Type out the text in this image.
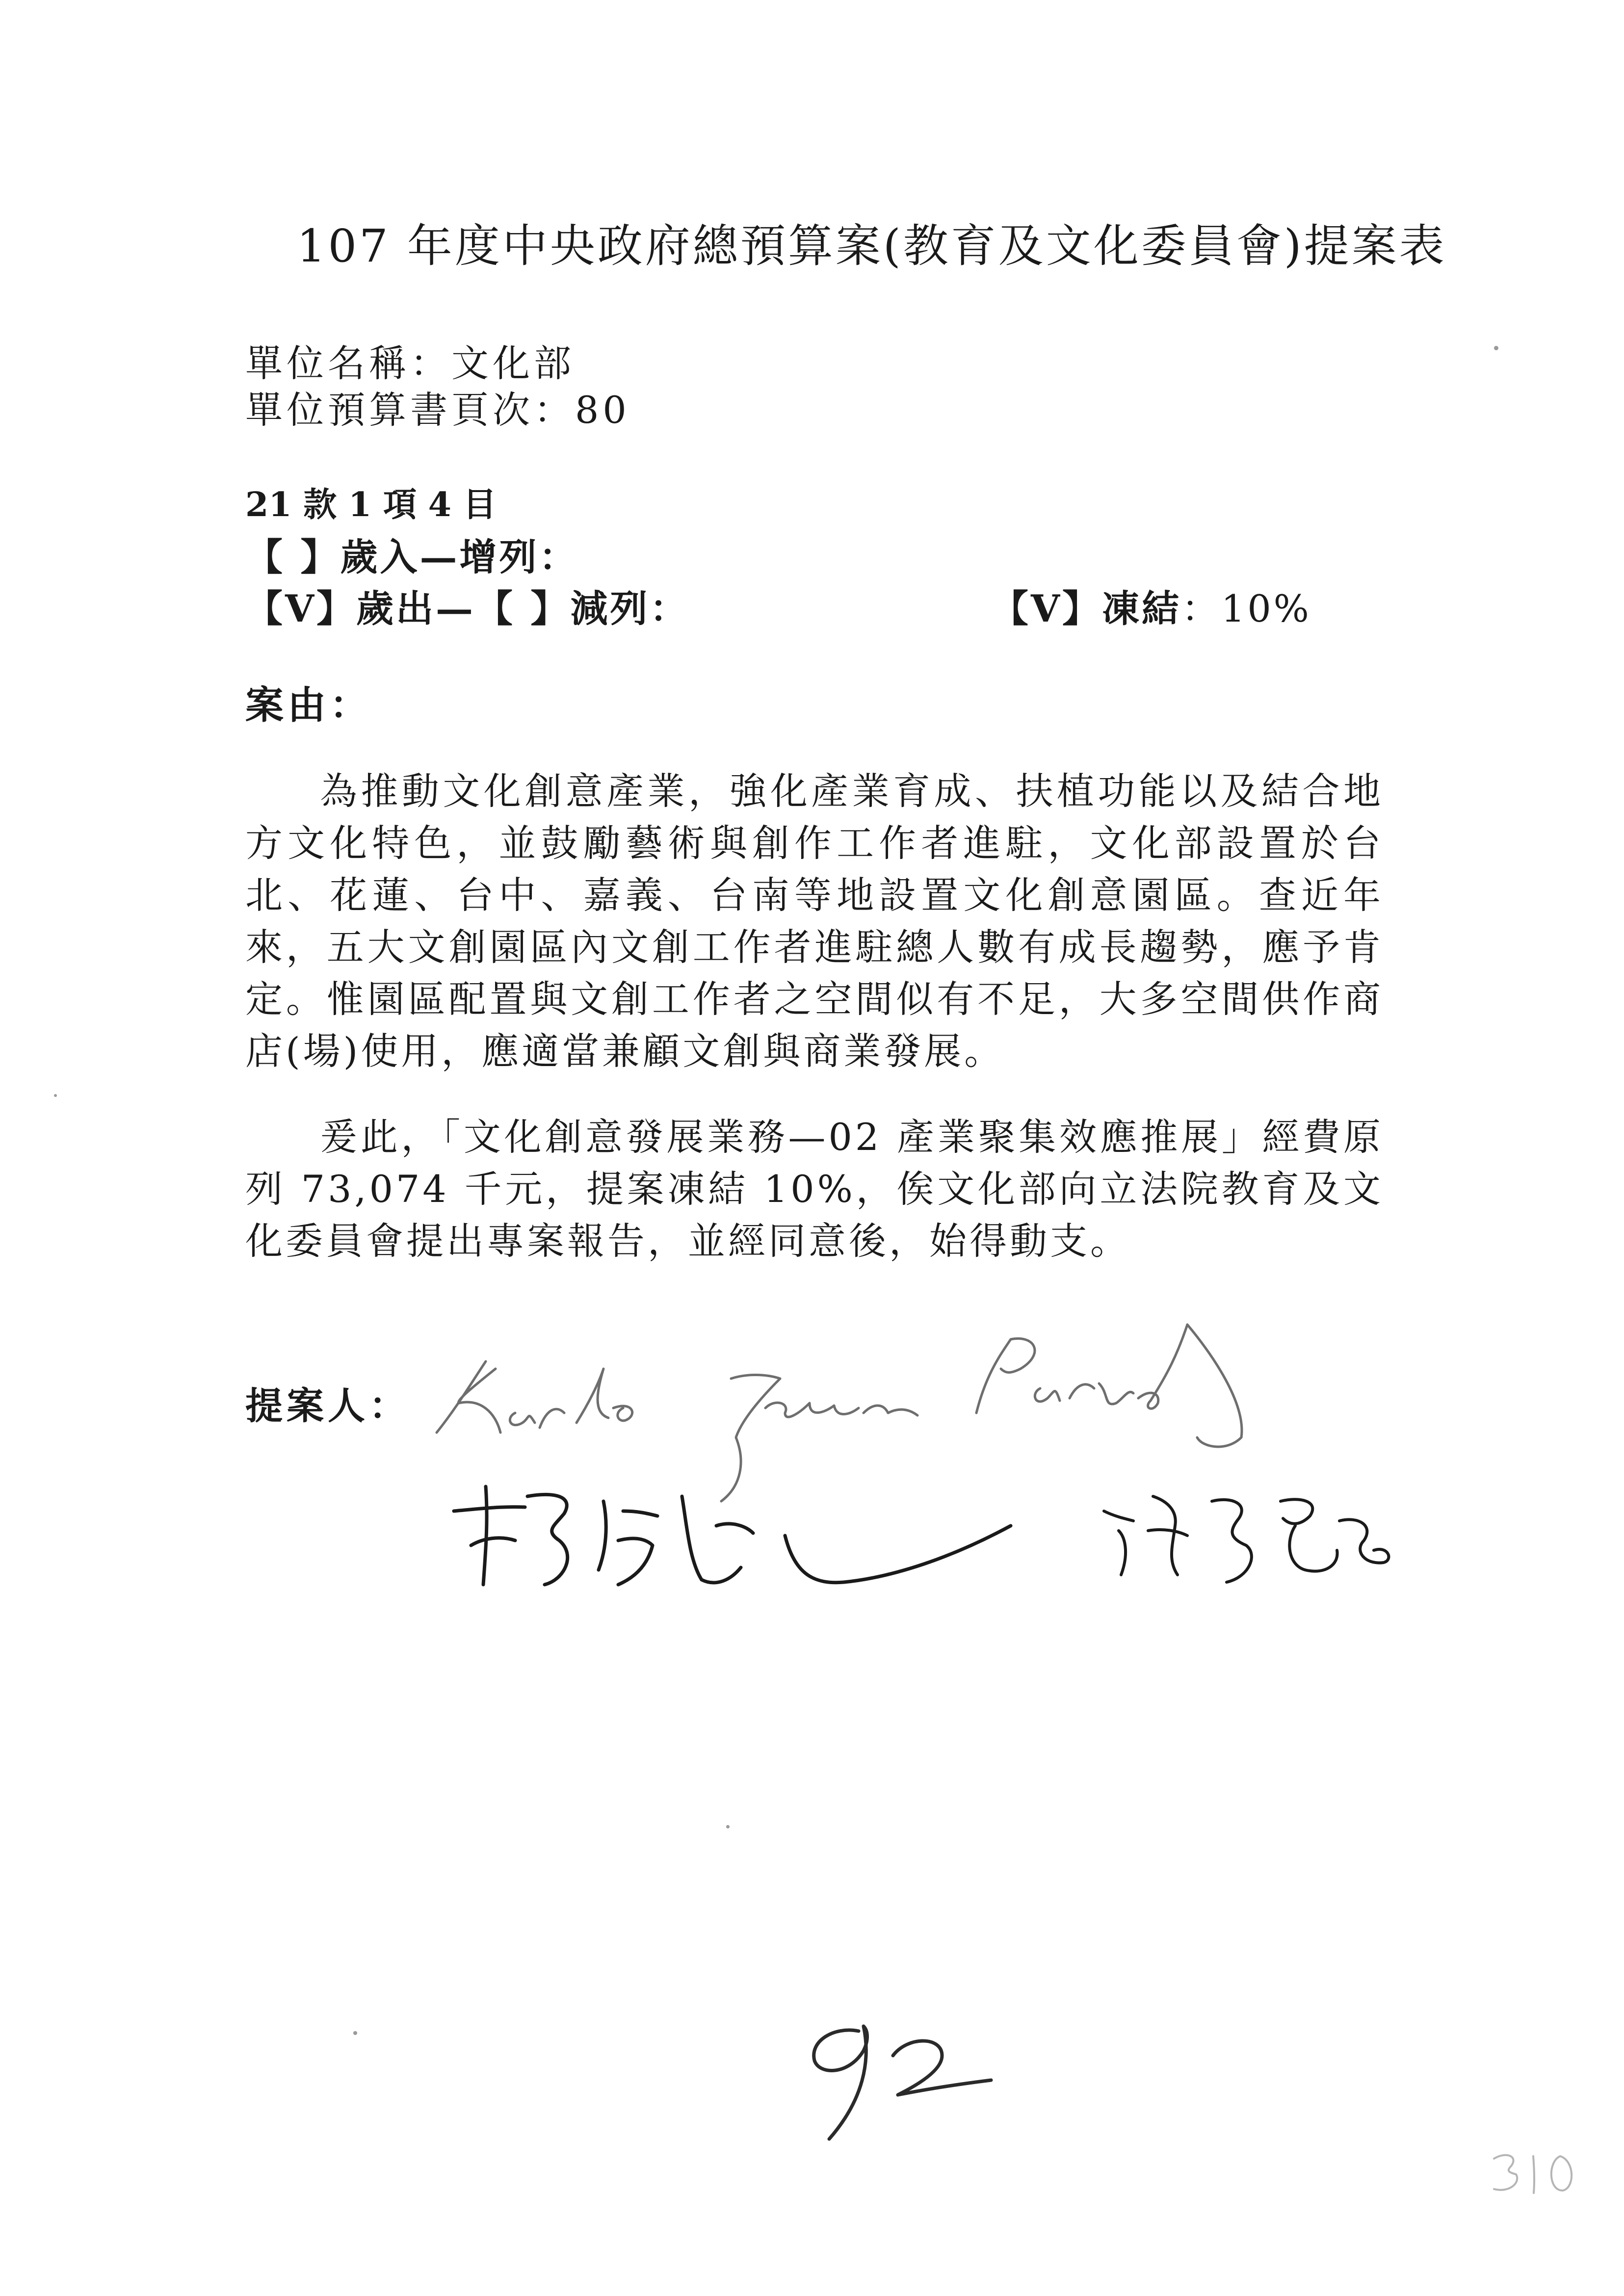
107 年度中央政府總預算案(教育及文化委員會)提案表
單位名稱：文化部
單位預算書頁次：80
21 款 1 項 4 目
【 】歲入—增列：
【V】歲出—【 】減列：	【V】凍結：10%
案由：
為推動文化創意產業，強化產業育成、扶植功能以及結合地方文化特色，並鼓勵藝術與創作工作者進駐，文化部設置於台北、花蓮、台中、嘉義、台南等地設置文化創意園區。查近年來，五大文創園區內文創工作者進駐總人數有成長趨勢，應予肯定。惟園區配置與文創工作者之空間似有不足，大多空間供作商店(場)使用，應適當兼顧文創與商業發展。
爰此，「文化創意發展業務—02 產業聚集效應推展」經費原列 73,074 千元，提案凍結 10%，俟文化部向立法院教育及文化委員會提出專案報告，並經同意後，始得動支。
提案人：
